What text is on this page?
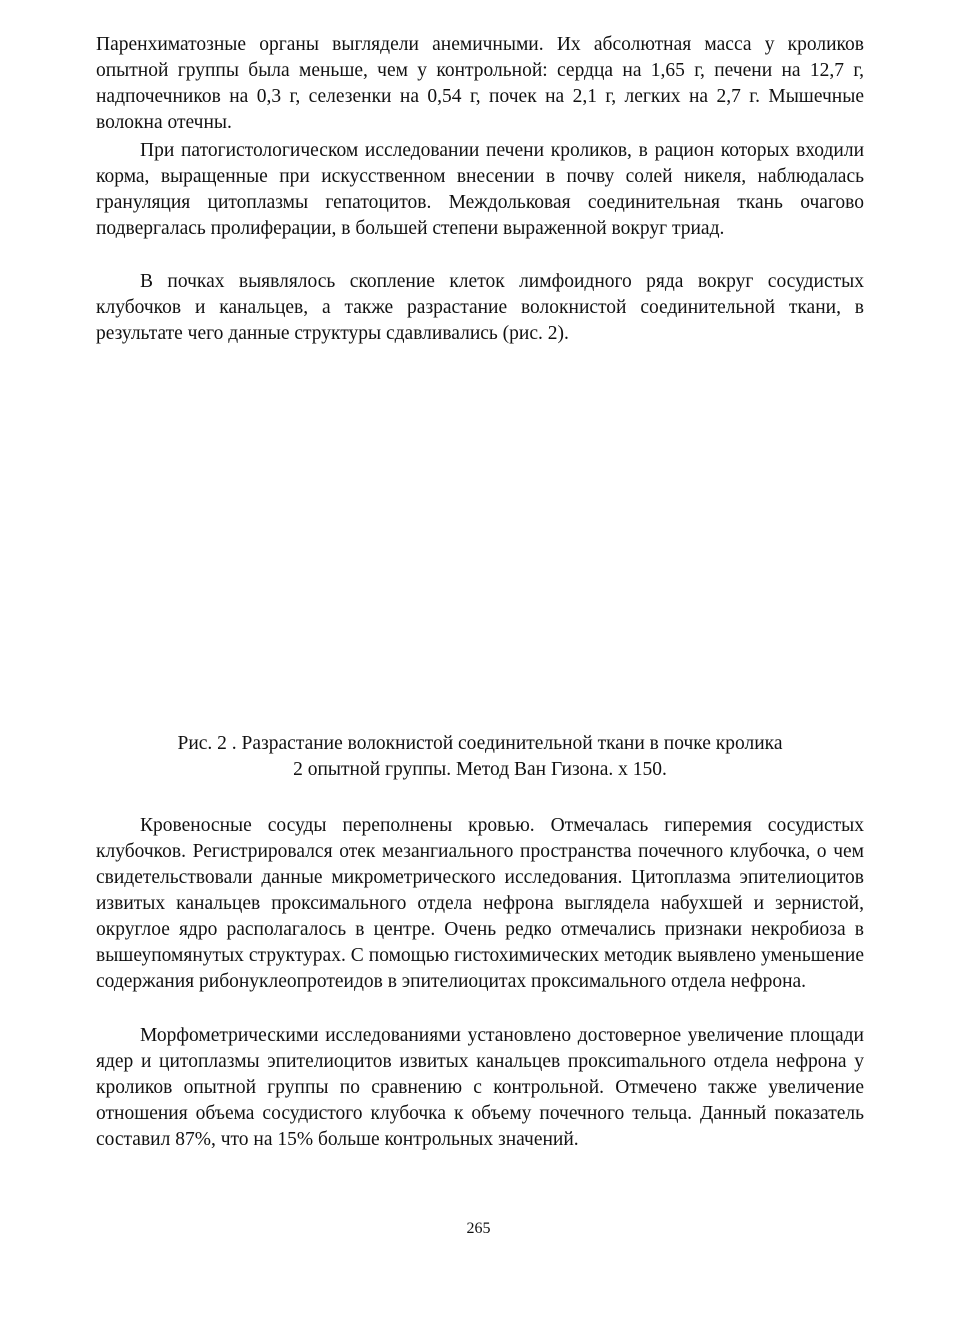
Паренхиматозные органы выглядели анемичными. Их абсолютная масса у кроликов опытной группы была меньше, чем у контрольной: сердца на 1,65 г, печени на 12,7 г, надпочечников на 0,3 г, селезенки на 0,54 г, почек на 2,1 г, легких на 2,7 г. Мышечные волокна отечны.

При патогистологическом исследовании печени кроликов, в рацион которых входили корма, выращенные при искусственном внесении в почву солей никеля, наблюдалась грануляция цитоплазмы гепатоцитов. Междольковая соединительная ткань очагово подвергалась пролиферации, в большей степени выраженной вокруг триад.

В почках выявлялось скопление клеток лимфоидного ряда вокруг сосудистых клубочков и канальцев, а также разрастание волокнистой соединительной ткани, в результате чего данные структуры сдавливались (рис. 2).

Рис. 2 . Разрастание волокнистой соединительной ткани в почке кролика
2 опытной группы. Метод Ван Гизона. х 150.

Кровеносные сосуды переполнены кровью. Отмечалась гиперемия сосудистых клубочков. Регистрировался отек мезангиального пространства почечного клубочка, о чем свидетельствовали данные микрометрического исследования. Цитоплазма эпителиоцитов извитых канальцев проксимального отдела нефрона выглядела набухшей и зернистой, округлое ядро располагалось в центре. Очень редко отмечались признаки некробиоза в вышеупомянутых структурах. С помощью гистохимических методик выявлено уменьшение содержания рибонуклеопротеидов в эпителиоцитах проксимального отдела нефрона.

Морфометрическими исследованиями установлено достоверное увеличение площади ядер и цитоплазмы эпителиоцитов извитых канальцев проксиmального отдела нефрона у кроликов опытной группы по сравнению с контрольной. Отмечено также увеличение отношения объема сосудистого клубочка к объему почечного тельца. Данный показатель составил 87%, что на 15% больше контрольных значений.

265
